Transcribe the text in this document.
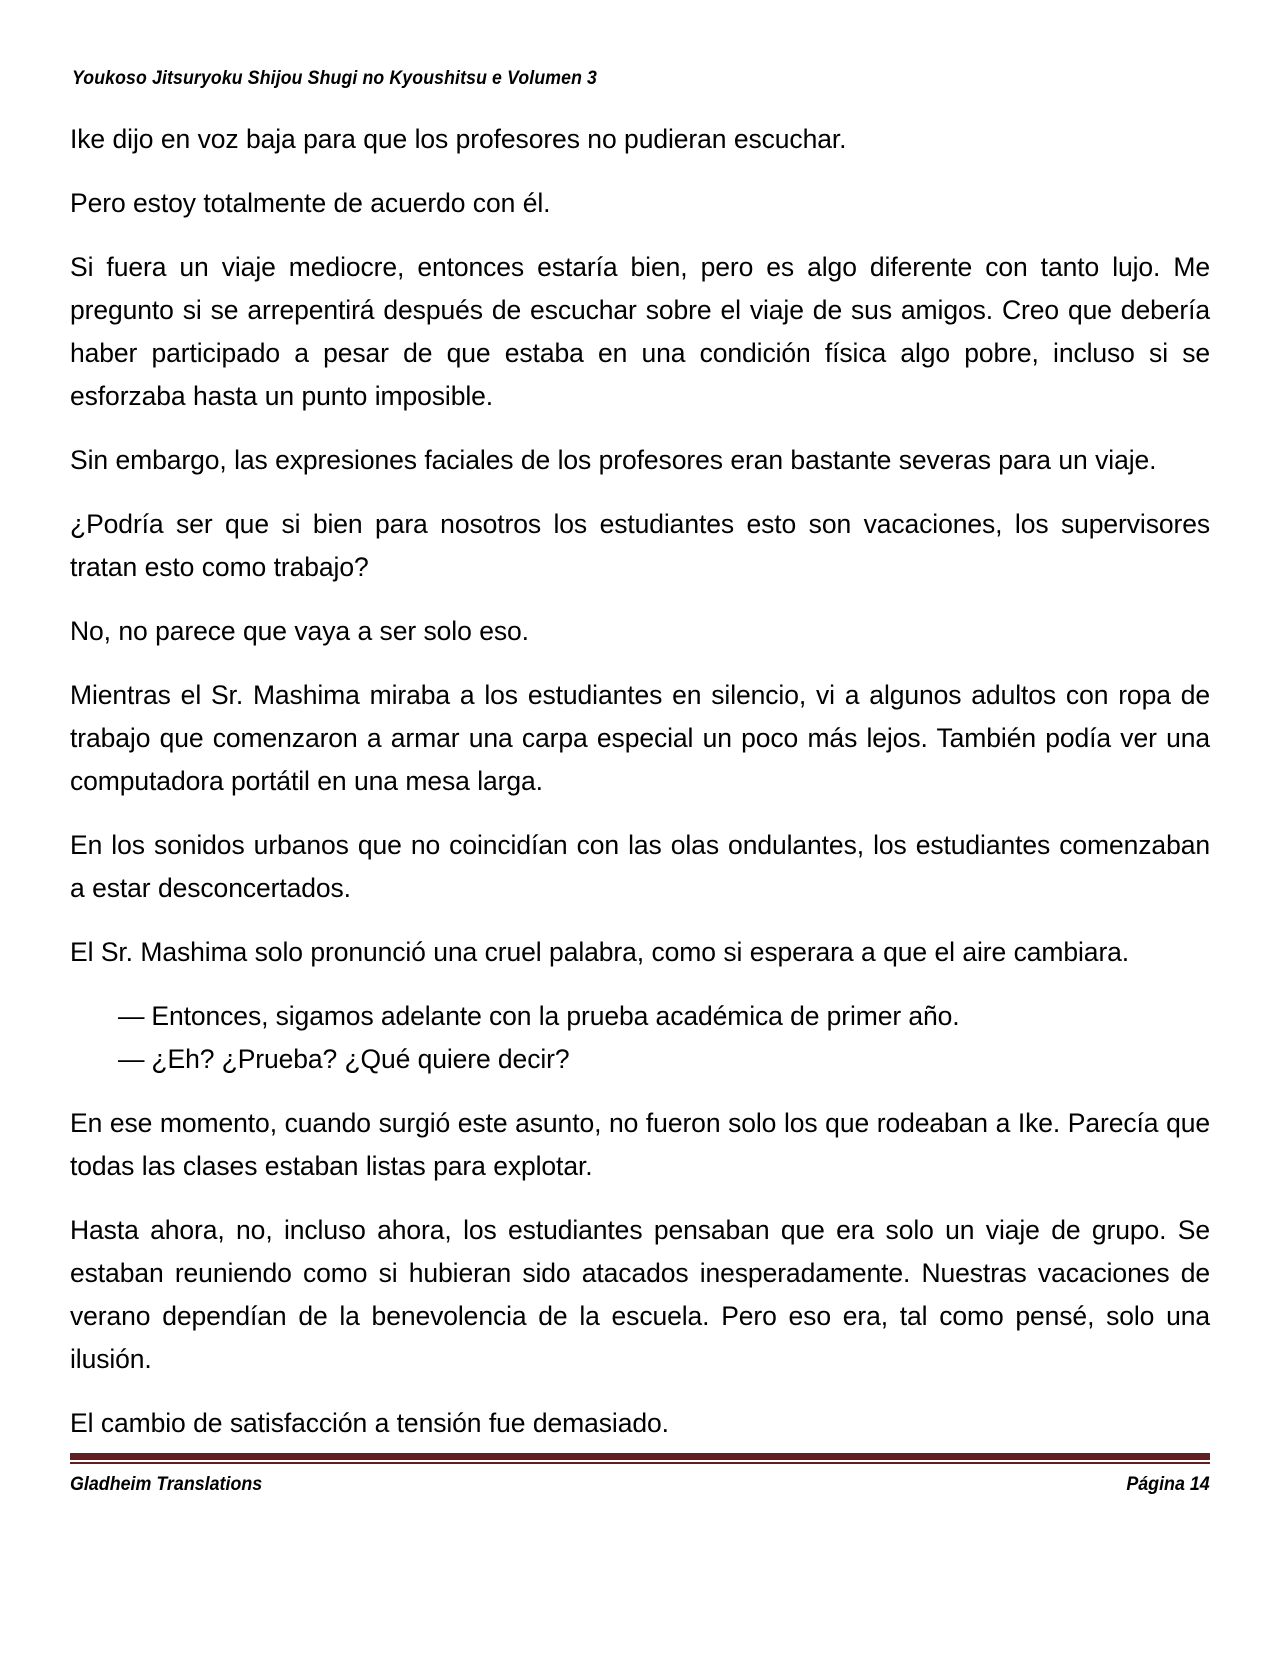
Youkoso Jitsuryoku Shijou Shugi no Kyoushitsu e Volumen 3

Ike dijo en voz baja para que los profesores no pudieran escuchar.

Pero estoy totalmente de acuerdo con él.

Si fuera un viaje mediocre, entonces estaría bien, pero es algo diferente con tanto lujo. Me pregunto si se arrepentirá después de escuchar sobre el viaje de sus amigos. Creo que debería haber participado a pesar de que estaba en una condición física algo pobre, incluso si se esforzaba hasta un punto imposible.

Sin embargo, las expresiones faciales de los profesores eran bastante severas para un viaje.

¿Podría ser que si bien para nosotros los estudiantes esto son vacaciones, los supervisores tratan esto como trabajo?

No, no parece que vaya a ser solo eso.

Mientras el Sr. Mashima miraba a los estudiantes en silencio, vi a algunos adultos con ropa de trabajo que comenzaron a armar una carpa especial un poco más lejos. También podía ver una computadora portátil en una mesa larga.

En los sonidos urbanos que no coincidían con las olas ondulantes, los estudiantes comenzaban a estar desconcertados.

El Sr. Mashima solo pronunció una cruel palabra, como si esperara a que el aire cambiara.

— Entonces, sigamos adelante con la prueba académica de primer año.

— ¿Eh? ¿Prueba? ¿Qué quiere decir?

En ese momento, cuando surgió este asunto, no fueron solo los que rodeaban a Ike. Parecía que todas las clases estaban listas para explotar.

Hasta ahora, no, incluso ahora, los estudiantes pensaban que era solo un viaje de grupo. Se estaban reuniendo como si hubieran sido atacados inesperadamente. Nuestras vacaciones de verano dependían de la benevolencia de la escuela. Pero eso era, tal como pensé, solo una ilusión.

El cambio de satisfacción a tensión fue demasiado.

Gladheim Translations	Página 14
